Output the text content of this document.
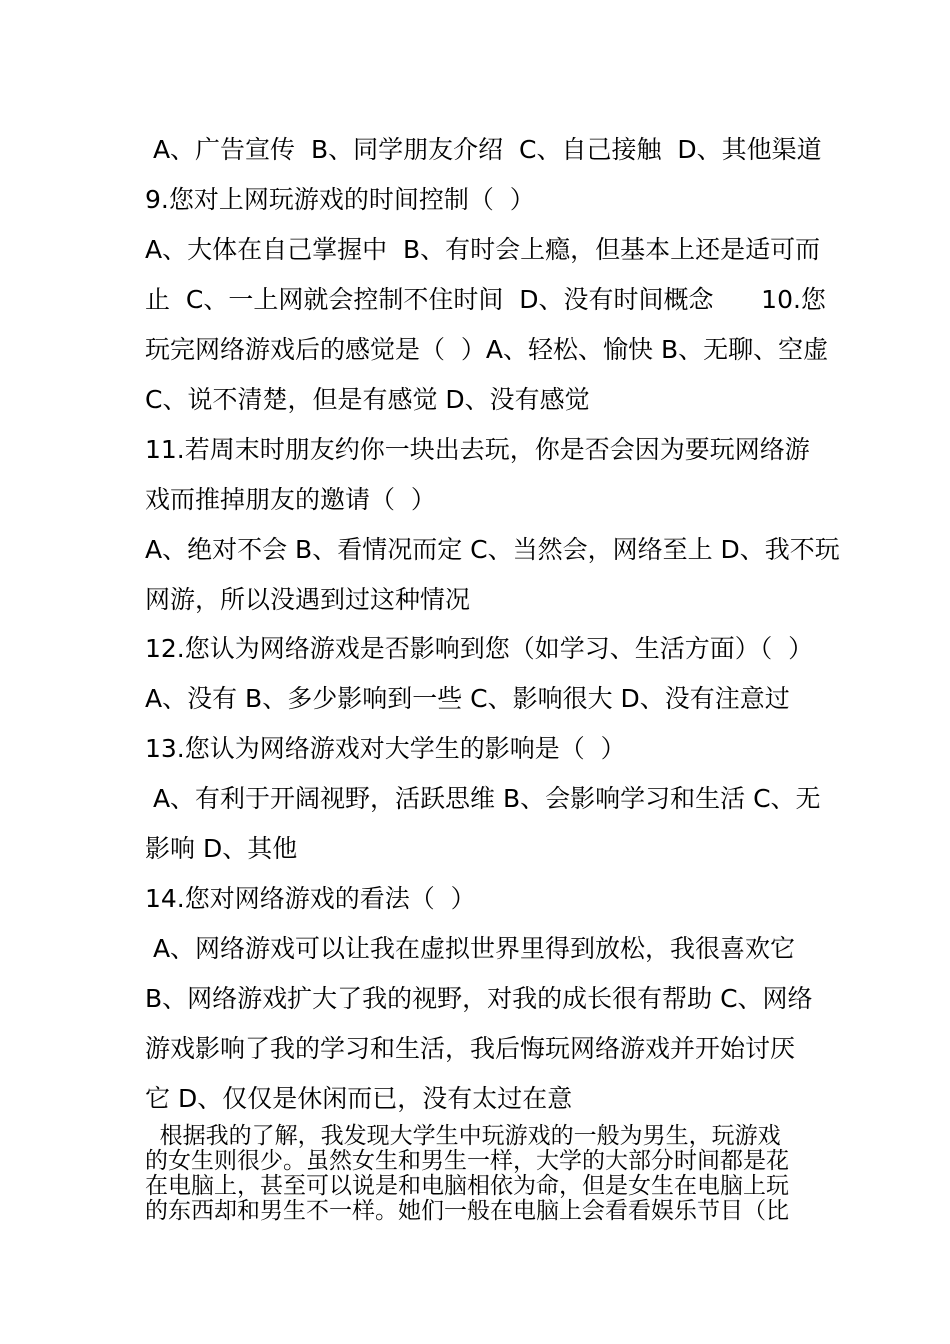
A、广告宣传  B、同学朋友介绍  C、自己接触  D、其他渠道
9.您对上网玩游戏的时间控制（  ）
A、大体在自己掌握中  B、有时会上瘾，但基本上还是适可而
止  C、一上网就会控制不住时间  D、没有时间概念      10.您
玩完网络游戏后的感觉是（  ）A、轻松、愉快 B、无聊、空虚
C、说不清楚，但是有感觉 D、没有感觉
11.若周末时朋友约你一块出去玩，你是否会因为要玩网络游
戏而推掉朋友的邀请（  ）
A、绝对不会 B、看情况而定 C、当然会，网络至上 D、我不玩
网游，所以没遇到过这种情况
12.您认为网络游戏是否影响到您（如学习、生活方面）（  ）
A、没有 B、多少影响到一些 C、影响很大 D、没有注意过
13.您认为网络游戏对大学生的影响是（  ）
A、有利于开阔视野，活跃思维 B、会影响学习和生活 C、无
影响 D、其他
14.您对网络游戏的看法（  ）
A、网络游戏可以让我在虚拟世界里得到放松，我很喜欢它
B、网络游戏扩大了我的视野，对我的成长很有帮助 C、网络
游戏影响了我的学习和生活，我后悔玩网络游戏并开始讨厌
它 D、仅仅是休闲而已，没有太过在意
根据我的了解，我发现大学生中玩游戏的一般为男生，玩游戏
的女生则很少。虽然女生和男生一样，大学的大部分时间都是花
在电脑上，甚至可以说是和电脑相依为命，但是女生在电脑上玩
的东西却和男生不一样。她们一般在电脑上会看看娱乐节目（比
